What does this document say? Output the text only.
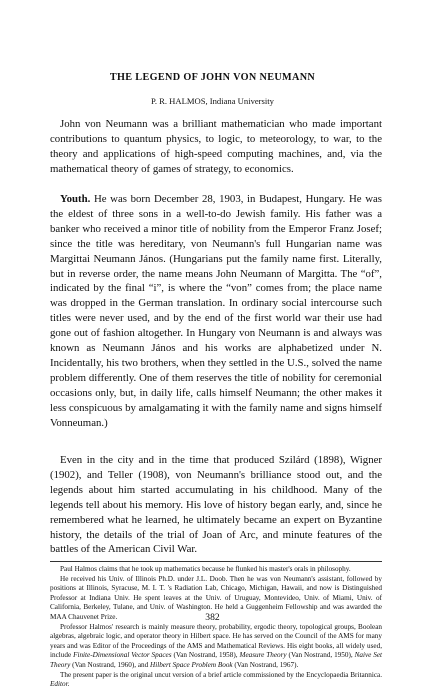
THE LEGEND OF JOHN VON NEUMANN
P. R. HALMOS, Indiana University

John von Neumann was a brilliant mathematician who made important contributions to quantum physics, to logic, to meteorology, to war, to the theory and applications of high-speed computing machines, and, via the mathematical theory of games of strategy, to economics.

Youth. He was born December 28, 1903, in Budapest, Hungary. He was the eldest of three sons in a well-to-do Jewish family. His father was a banker who received a minor title of nobility from the Emperor Franz Josef; since the title was hereditary, von Neumann's full Hungarian name was Margittai Neumann János. (Hungarians put the family name first. Literally, but in reverse order, the name means John Neumann of Margitta. The “of”, indicated by the final “i”, is where the “von” comes from; the place name was dropped in the German translation. In ordinary social intercourse such titles were never used, and by the end of the first world war their use had gone out of fashion altogether. In Hungary von Neumann is and always was known as Neumann János and his works are alphabetized under N. Incidentally, his two brothers, when they settled in the U.S., solved the name problem differently. One of them reserves the title of nobility for ceremonial occasions only, but, in daily life, calls himself Neumann; the other makes it less conspicuous by amalgamating it with the family name and signs himself Vonneuman.)

Even in the city and in the time that produced Szilárd (1898), Wigner (1902), and Teller (1908), von Neumann's brilliance stood out, and the legends about him started accumulating in his childhood. Many of the legends tell about his memory. His love of history began early, and, since he remembered what he learned, he ultimately became an expert on Byzantine history, the details of the trial of Joan of Arc, and minute features of the battles of the American Civil War.

Paul Halmos claims that he took up mathematics because he flunked his master's orals in philosophy.

He received his Univ. of Illinois Ph.D. under J.L. Doob. Then he was von Neumann's assistant, followed by positions at Illinois, Syracuse, M. I. T. 's Radiation Lab, Chicago, Michigan, Hawaii, and now is Distinguished Professor at Indiana Univ. He spent leaves at the Univ. of Uruguay, Montevideo, Univ. of Miami, Univ. of California, Berkeley, Tulane, and Univ. of Washington. He held a Guggenheim Fellowship and was awarded the MAA Chauvenet Prize.

Professor Halmos' research is mainly measure theory, probability, ergodic theory, topological groups, Boolean algebras, algebraic logic, and operator theory in Hilbert space. He has served on the Council of the AMS for many years and was Editor of the Proceedings of the AMS and Mathematical Reviews. His eight books, all widely used, include Finite-Dimensional Vector Spaces (Van Nostrand, 1958), Measure Theory (Van Nostrand, 1950), Naive Set Theory (Van Nostrand, 1960), and Hilbert Space Problem Book (Van Nostrand, 1967).

The present paper is the original uncut version of a brief article commissioned by the Encyclopaedia Britannica. Editor.

382
